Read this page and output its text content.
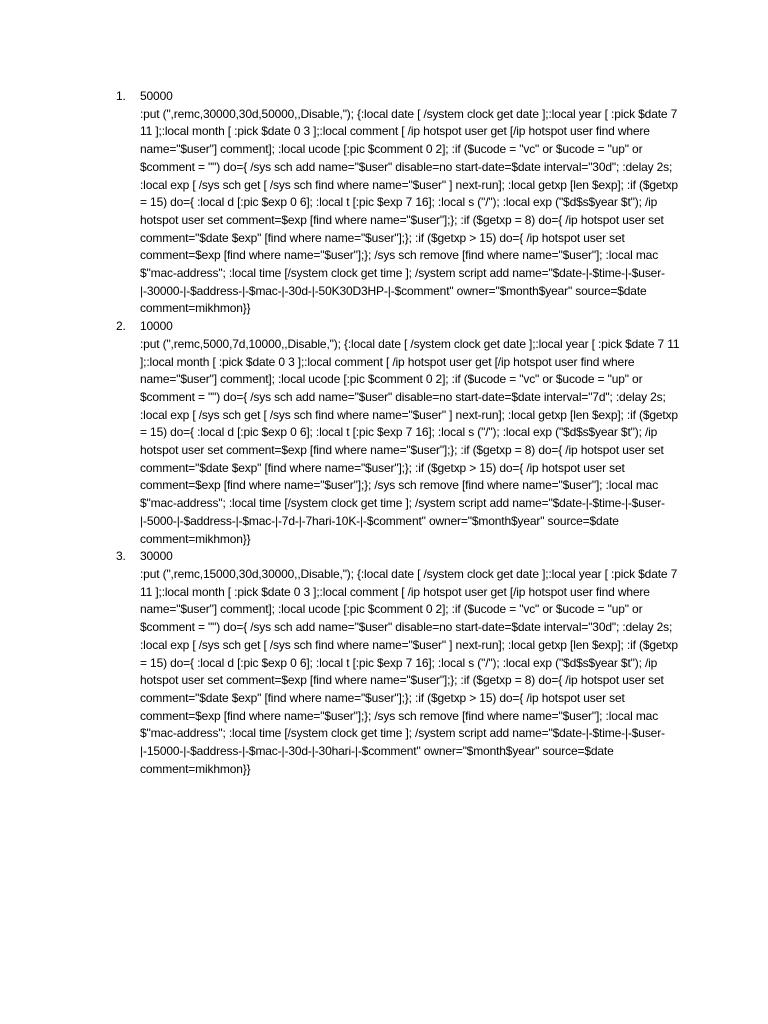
1. 50000
:put (",remc,30000,30d,50000,,Disable,"); {:local date [ /system clock get date ];:local year [ :pick $date 7 11 ];:local month [ :pick $date 0 3 ];:local comment [ /ip hotspot user get [/ip hotspot user find where name="$user"] comment]; :local ucode [:pic $comment 0 2]; :if ($ucode = "vc" or $ucode = "up" or $comment = "") do={ /sys sch add name="$user" disable=no start-date=$date interval="30d"; :delay 2s; :local exp [ /sys sch get [ /sys sch find where name="$user" ] next-run]; :local getxp [len $exp]; :if ($getxp = 15) do={ :local d [:pic $exp 0 6]; :local t [:pic $exp 7 16]; :local s ("/"); :local exp ("$d$s$year $t"); /ip hotspot user set comment=$exp [find where name="$user"];}; :if ($getxp = 8) do={ /ip hotspot user set comment="$date $exp" [find where name="$user"];}; :if ($getxp > 15) do={ /ip hotspot user set comment=$exp [find where name="$user"];}; /sys sch remove [find where name="$user"]; :local mac $"mac-address"; :local time [/system clock get time ]; /system script add name="$date-|-$time-|-$user-|-30000-|-$address-|-$mac-|-30d-|-50K30D3HP-|-$comment" owner="$month$year" source=$date comment=mikhmon}}
2. 10000
:put (",remc,5000,7d,10000,,Disable,"); {:local date [ /system clock get date ];:local year [ :pick $date 7 11 ];:local month [ :pick $date 0 3 ];:local comment [ /ip hotspot user get [/ip hotspot user find where name="$user"] comment]; :local ucode [:pic $comment 0 2]; :if ($ucode = "vc" or $ucode = "up" or $comment = "") do={ /sys sch add name="$user" disable=no start-date=$date interval="7d"; :delay 2s; :local exp [ /sys sch get [ /sys sch find where name="$user" ] next-run]; :local getxp [len $exp]; :if ($getxp = 15) do={ :local d [:pic $exp 0 6]; :local t [:pic $exp 7 16]; :local s ("/"); :local exp ("$d$s$year $t"); /ip hotspot user set comment=$exp [find where name="$user"];}; :if ($getxp = 8) do={ /ip hotspot user set comment="$date $exp" [find where name="$user"];}; :if ($getxp > 15) do={ /ip hotspot user set comment=$exp [find where name="$user"];}; /sys sch remove [find where name="$user"]; :local mac $"mac-address"; :local time [/system clock get time ]; /system script add name="$date-|-$time-|-$user-|-5000-|-$address-|-$mac-|-7d-|-7hari-10K-|-$comment" owner="$month$year" source=$date comment=mikhmon}}
3. 30000
:put (",remc,15000,30d,30000,,Disable,"); {:local date [ /system clock get date ];:local year [ :pick $date 7 11 ];:local month [ :pick $date 0 3 ];:local comment [ /ip hotspot user get [/ip hotspot user find where name="$user"] comment]; :local ucode [:pic $comment 0 2]; :if ($ucode = "vc" or $ucode = "up" or $comment = "") do={ /sys sch add name="$user" disable=no start-date=$date interval="30d"; :delay 2s; :local exp [ /sys sch get [ /sys sch find where name="$user" ] next-run]; :local getxp [len $exp]; :if ($getxp = 15) do={ :local d [:pic $exp 0 6]; :local t [:pic $exp 7 16]; :local s ("/"); :local exp ("$d$s$year $t"); /ip hotspot user set comment=$exp [find where name="$user"];}; :if ($getxp = 8) do={ /ip hotspot user set comment="$date $exp" [find where name="$user"];}; :if ($getxp > 15) do={ /ip hotspot user set comment=$exp [find where name="$user"];}; /sys sch remove [find where name="$user"]; :local mac $"mac-address"; :local time [/system clock get time ]; /system script add name="$date-|-$time-|-$user-|-15000-|-$address-|-$mac-|-30d-|-30hari-|-$comment" owner="$month$year" source=$date comment=mikhmon}}
